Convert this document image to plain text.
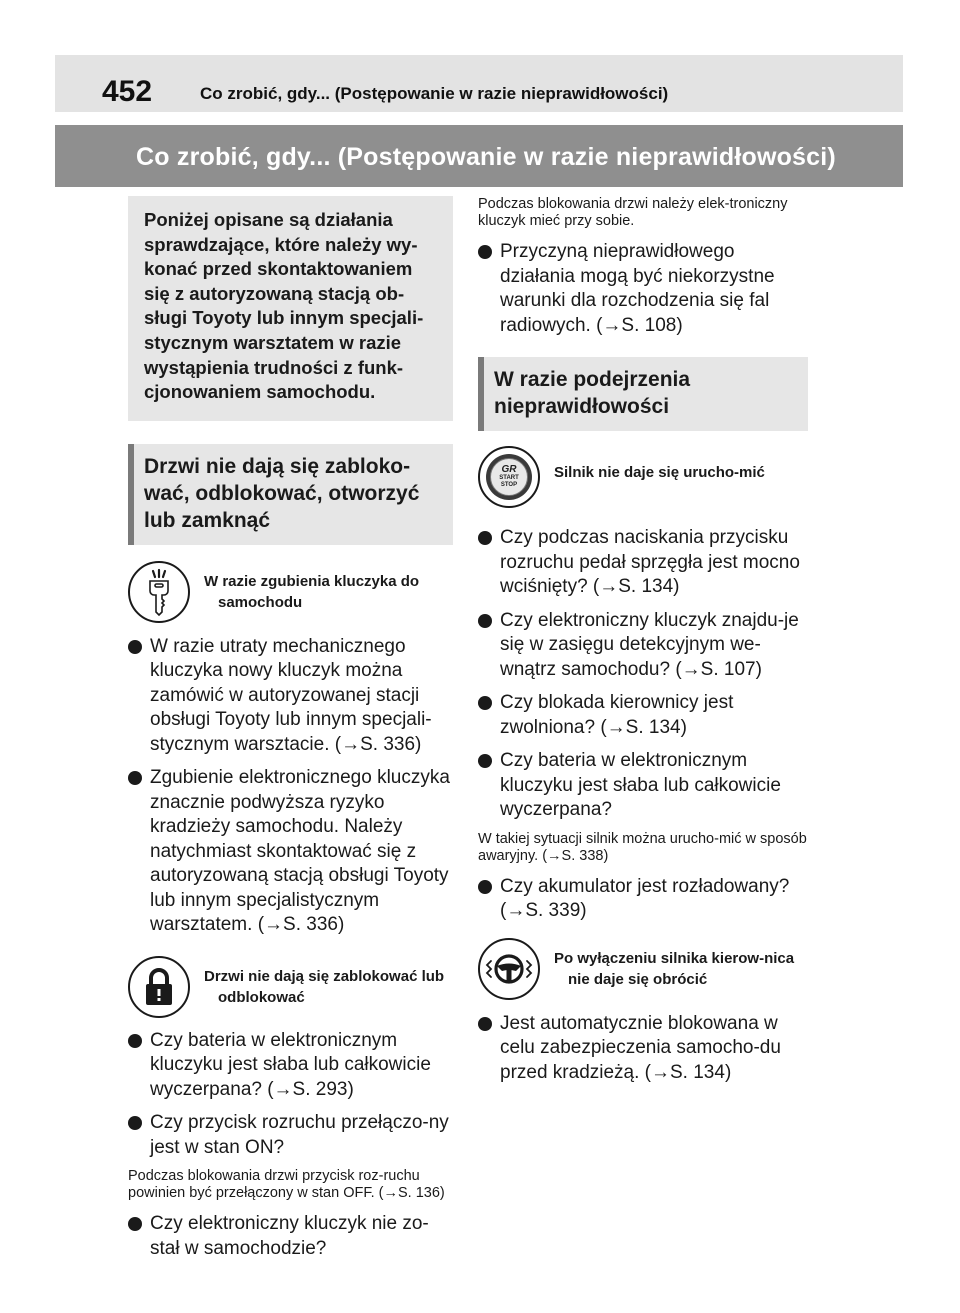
452	Co zrobić, gdy... (Postępowanie w razie nieprawidłowości)
Co zrobić, gdy... (Postępowanie w razie nieprawidłowości)
Poniżej opisane są działania sprawdzające, które należy wy-konać przed skontaktowaniem się z autoryzowaną stacją ob-sługi Toyoty lub innym specjali-stycznym warsztatem w razie wystąpienia trudności z funk-cjonowaniem samochodu.
Drzwi nie dają się zabloko-wać, odblokować, otworzyć lub zamknąć
W razie zgubienia kluczyka do samochodu
W razie utraty mechanicznego kluczyka nowy kluczyk można zamówić w autoryzowanej stacji obsługi Toyoty lub innym specjali-stycznym warsztacie. (→S. 336)
Zgubienie elektronicznego kluczyka znacznie podwyższa ryzyko kradzieży samochodu. Należy natychmiast skontaktować się z autoryzowaną stacją obsługi Toyoty lub innym specjalistycznym warsztatem. (→S. 336)
Drzwi nie dają się zablokować lub odblokować
Czy bateria w elektronicznym kluczyku jest słaba lub całkowicie wyczerpana? (→S. 293)
Czy przycisk rozruchu przełączo-ny jest w stan ON?
Podczas blokowania drzwi przycisk roz-ruchu powinien być przełączony w stan OFF. (→S. 136)
Czy elektroniczny kluczyk nie zo-stał w samochodzie?
Podczas blokowania drzwi należy elek-troniczny kluczyk mieć przy sobie.
Przyczyną nieprawidłowego działania mogą być niekorzystne warunki dla rozchodzenia się fal radiowych. (→S. 108)
W razie podejrzenia nieprawidłowości
GR
START
STOP
Silnik nie daje się urucho-mić
Czy podczas naciskania przycisku rozruchu pedał sprzęgła jest mocno wciśnięty? (→S. 134)
Czy elektroniczny kluczyk znajdu-je się w zasięgu detekcyjnym we-wnątrz samochodu? (→S. 107)
Czy blokada kierownicy jest zwolniona? (→S. 134)
Czy bateria w elektronicznym kluczyku jest słaba lub całkowicie wyczerpana?
W takiej sytuacji silnik można urucho-mić w sposób awaryjny. (→S. 338)
Czy akumulator jest rozładowany? (→S. 339)
Po wyłączeniu silnika kierow-nica nie daje się obrócić
Jest automatycznie blokowana w celu zabezpieczenia samocho-du przed kradzieżą. (→S. 134)
